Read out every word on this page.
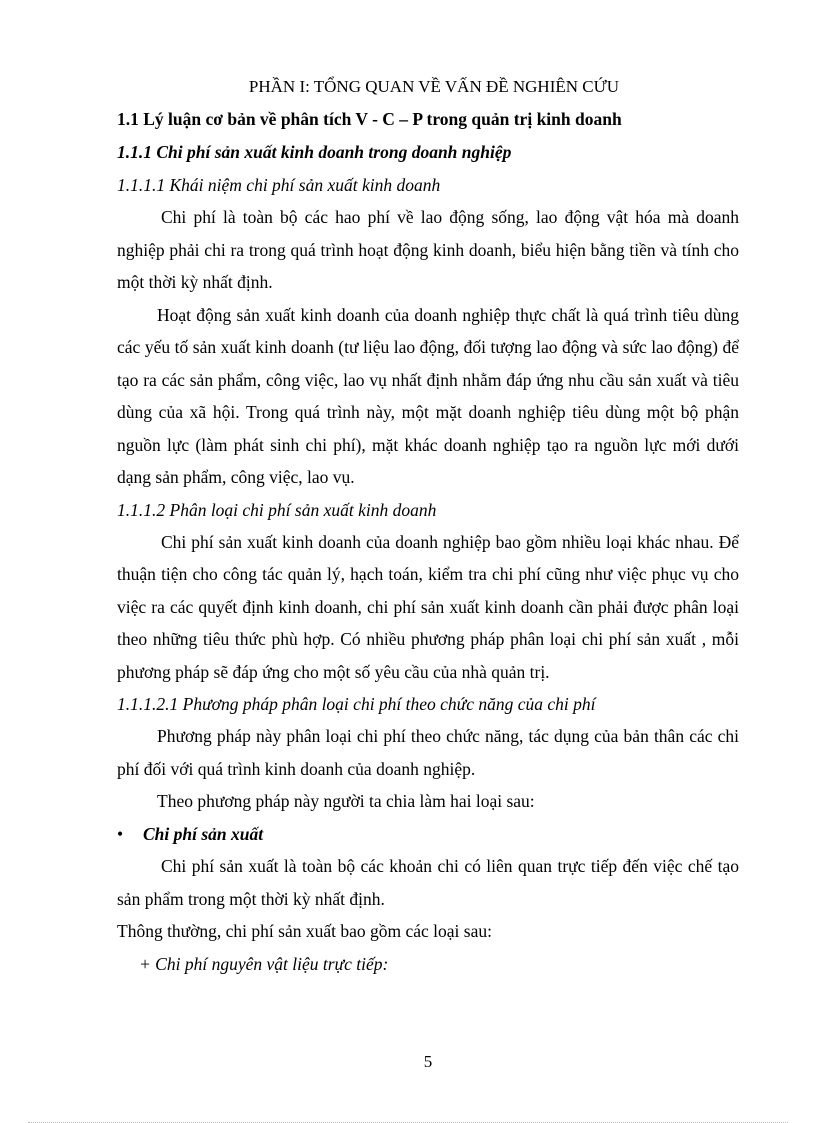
PHẦN I: TỔNG QUAN VỀ VẤN ĐỀ NGHIÊN CỨU

1.1 Lý luận cơ bản về phân tích V - C – P trong quản trị kinh doanh

1.1.1 Chi phí sản xuất kinh doanh trong doanh nghiệp

1.1.1.1 Khái niệm chi phí sản xuất kinh doanh

Chi phí là toàn bộ các hao phí về lao động sống, lao động vật hóa mà doanh nghiệp phải chi ra trong quá trình hoạt động kinh doanh, biểu hiện bằng tiền và tính cho một thời kỳ nhất định.

Hoạt động sản xuất kinh doanh của doanh nghiệp thực chất là quá trình tiêu dùng các yếu tố sản xuất kinh doanh (tư liệu lao động, đối tượng lao động và sức lao động) để tạo ra các sản phẩm, công việc, lao vụ nhất định nhằm đáp ứng nhu cầu sản xuất và tiêu dùng của xã hội. Trong quá trình này, một mặt doanh nghiệp tiêu dùng một bộ phận nguồn lực (làm phát sinh chi phí), mặt khác doanh nghiệp tạo ra nguồn lực mới dưới dạng sản phẩm, công việc, lao vụ.

1.1.1.2 Phân loại chi phí sản xuất kinh doanh

Chi phí sản xuất kinh doanh của doanh nghiệp bao gồm nhiều loại khác nhau. Để thuận tiện cho công tác quản lý, hạch toán, kiểm tra chi phí cũng như việc phục vụ cho việc ra các quyết định kinh doanh, chi phí sản xuất kinh doanh cần phải được phân loại theo những tiêu thức phù hợp. Có nhiều phương pháp phân loại chi phí sản xuất , mỗi phương pháp sẽ đáp ứng cho một số yêu cầu của nhà quản trị.

1.1.1.2.1 Phương pháp phân loại chi phí theo chức năng của chi phí

Phương pháp này phân loại chi phí theo chức năng, tác dụng của bản thân các chi phí đối với quá trình kinh doanh của doanh nghiệp.

Theo phương pháp này người ta chia làm hai loại sau:

•	Chi phí sản xuất

Chi phí sản xuất là toàn bộ các khoản chi có liên quan trực tiếp đến việc chế tạo sản phẩm trong một thời kỳ nhất định.

Thông thường, chi phí sản xuất bao gồm các loại sau:

+ Chi phí nguyên vật liệu trực tiếp:

5
